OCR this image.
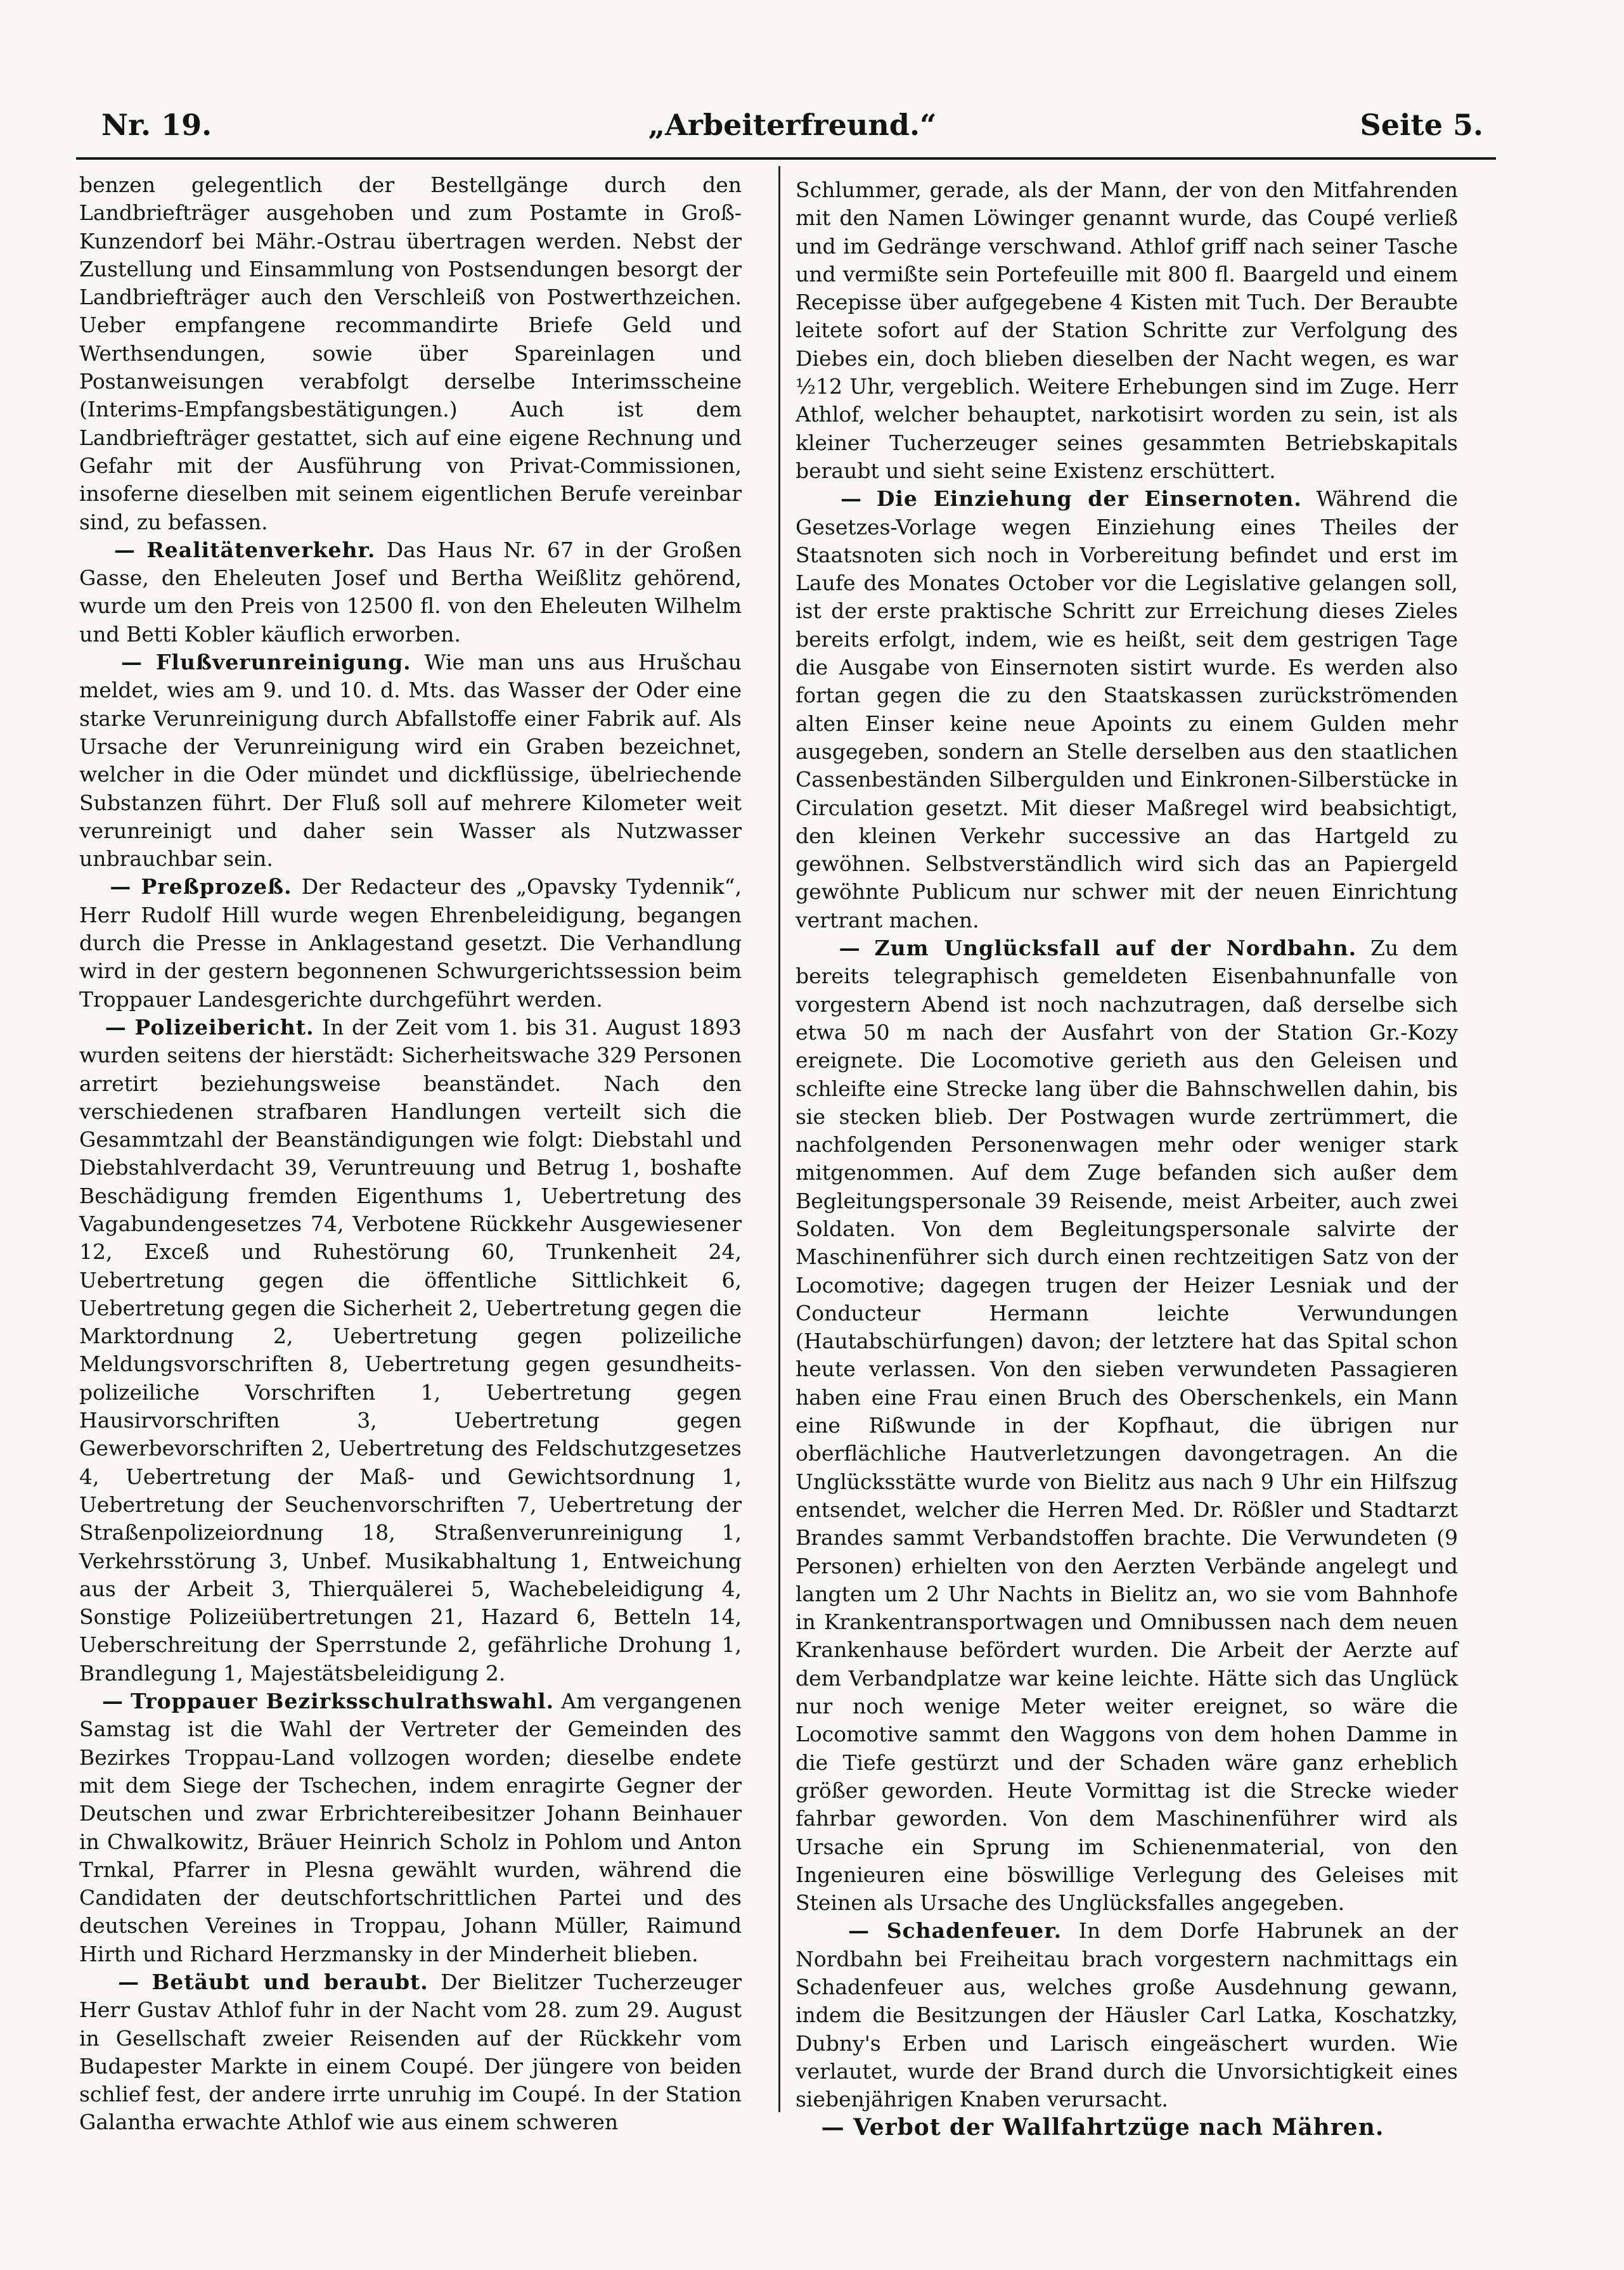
Nr. 19.	„Arbeiterfreund.“	Seite 5.

benzen gelegentlich der Bestellgänge durch den Landbriefträger ausgehoben und zum Postamte in Groß-Kunzendorf bei Mähr.-Ostrau übertragen werden. Nebst der Zustellung und Einsammlung von Postsendungen besorgt der Landbriefträger auch den Verschleiß von Postwerthzeichen. Ueber empfangene recommandirte Briefe Geld und Werthsendungen, sowie über Spareinlagen und Postanweisungen verabfolgt derselbe Interimsscheine (Interims-Empfangsbestätigungen.) Auch ist dem Landbriefträger gestattet, sich auf eine eigene Rechnung und Gefahr mit der Ausführung von Privat-Commissionen, insoferne dieselben mit seinem eigentlichen Berufe vereinbar sind, zu befassen.

— Realitätenverkehr. Das Haus Nr. 67 in der Großen Gasse, den Eheleuten Josef und Bertha Weißlitz gehörend, wurde um den Preis von 12500 fl. von den Eheleuten Wilhelm und Betti Kobler käuflich erworben.

— Flußverunreinigung. Wie man uns aus Hrušchau meldet, wies am 9. und 10. d. Mts. das Wasser der Oder eine starke Verunreinigung durch Abfallstoffe einer Fabrik auf. Als Ursache der Verunreinigung wird ein Graben bezeichnet, welcher in die Oder mündet und dickflüssige, übelriechende Substanzen führt. Der Fluß soll auf mehrere Kilometer weit verunreinigt und daher sein Wasser als Nutzwasser unbrauchbar sein.

— Preßprozeß. Der Redacteur des „Opavsky Tydennik“, Herr Rudolf Hill wurde wegen Ehrenbeleidigung, begangen durch die Presse in Anklagestand gesetzt. Die Verhandlung wird in der gestern begonnenen Schwurgerichtssession beim Troppauer Landesgerichte durchgeführt werden.

— Polizeibericht. In der Zeit vom 1. bis 31. August 1893 wurden seitens der hierstädt: Sicherheitswache 329 Personen arretirt beziehungsweise beanständet. Nach den verschiedenen strafbaren Handlungen verteilt sich die Gesammtzahl der Beanständigungen wie folgt: Diebstahl und Diebstahlverdacht 39, Veruntreuung und Betrug 1, boshafte Beschädigung fremden Eigenthums 1, Uebertretung des Vagabundengesetzes 74, Verbotene Rückkehr Ausgewiesener 12, Exceß und Ruhestörung 60, Trunkenheit 24, Uebertretung gegen die öffentliche Sittlichkeit 6, Uebertretung gegen die Sicherheit 2, Uebertretung gegen die Marktordnung 2, Uebertretung gegen polizeiliche Meldungsvorschriften 8, Uebertretung gegen gesundheits-polizeiliche Vorschriften 1, Uebertretung gegen Hausirvorschriften 3, Uebertretung gegen Gewerbevorschriften 2, Uebertretung des Feldschutzgesetzes 4, Uebertretung der Maß- und Gewichtsordnung 1, Uebertretung der Seuchenvorschriften 7, Uebertretung der Straßenpolizeiordnung 18, Straßenverunreinigung 1, Verkehrsstörung 3, Unbef. Musikabhaltung 1, Entweichung aus der Arbeit 3, Thierquälerei 5, Wachebeleidigung 4, Sonstige Polizeiübertretungen 21, Hazard 6, Betteln 14, Ueberschreitung der Sperrstunde 2, gefährliche Drohung 1, Brandlegung 1, Majestätsbeleidigung 2.

— Troppauer Bezirksschulrathswahl. Am vergangenen Samstag ist die Wahl der Vertreter der Gemeinden des Bezirkes Troppau-Land vollzogen worden; dieselbe endete mit dem Siege der Tschechen, indem enragirte Gegner der Deutschen und zwar Erbrichtereibesitzer Johann Beinhauer in Chwalkowitz, Bräuer Heinrich Scholz in Pohlom und Anton Trnkal, Pfarrer in Plesna gewählt wurden, während die Candidaten der deutschfortschrittlichen Partei und des deutschen Vereines in Troppau, Johann Müller, Raimund Hirth und Richard Herzmansky in der Minderheit blieben.

— Betäubt und beraubt. Der Bielitzer Tucherzeuger Herr Gustav Athlof fuhr in der Nacht vom 28. zum 29. August in Gesellschaft zweier Reisenden auf der Rückkehr vom Budapester Markte in einem Coupé. Der jüngere von beiden schlief fest, der andere irrte unruhig im Coupé. In der Station Galantha erwachte Athlof wie aus einem schweren

Schlummer, gerade, als der Mann, der von den Mitfahrenden mit den Namen Löwinger genannt wurde, das Coupé verließ und im Gedränge verschwand. Athlof griff nach seiner Tasche und vermißte sein Portefeuille mit 800 fl. Baargeld und einem Recepisse über aufgegebene 4 Kisten mit Tuch. Der Beraubte leitete sofort auf der Station Schritte zur Verfolgung des Diebes ein, doch blieben dieselben der Nacht wegen, es war ½12 Uhr, vergeblich. Weitere Erhebungen sind im Zuge. Herr Athlof, welcher behauptet, narkotisirt worden zu sein, ist als kleiner Tucherzeuger seines gesammten Betriebskapitals beraubt und sieht seine Existenz erschüttert.

— Die Einziehung der Einsernoten. Während die Gesetzes-Vorlage wegen Einziehung eines Theiles der Staatsnoten sich noch in Vorbereitung befindet und erst im Laufe des Monates October vor die Legislative gelangen soll, ist der erste praktische Schritt zur Erreichung dieses Zieles bereits erfolgt, indem, wie es heißt, seit dem gestrigen Tage die Ausgabe von Einsernoten sistirt wurde. Es werden also fortan gegen die zu den Staatskassen zurückströmenden alten Einser keine neue Apoints zu einem Gulden mehr ausgegeben, sondern an Stelle derselben aus den staatlichen Cassenbeständen Silbergulden und Einkronen-Silberstücke in Circulation gesetzt. Mit dieser Maßregel wird beabsichtigt, den kleinen Verkehr successive an das Hartgeld zu gewöhnen. Selbstverständlich wird sich das an Papiergeld gewöhnte Publicum nur schwer mit der neuen Einrichtung vertrant machen.

— Zum Unglücksfall auf der Nordbahn. Zu dem bereits telegraphisch gemeldeten Eisenbahnunfalle von vorgestern Abend ist noch nachzutragen, daß derselbe sich etwa 50 m nach der Ausfahrt von der Station Gr.-Kozy ereignete. Die Locomotive gerieth aus den Geleisen und schleifte eine Strecke lang über die Bahnschwellen dahin, bis sie stecken blieb. Der Postwagen wurde zertrümmert, die nachfolgenden Personenwagen mehr oder weniger stark mitgenommen. Auf dem Zuge befanden sich außer dem Begleitungspersonale 39 Reisende, meist Arbeiter, auch zwei Soldaten. Von dem Begleitungspersonale salvirte der Maschinenführer sich durch einen rechtzeitigen Satz von der Locomotive; dagegen trugen der Heizer Lesniak und der Conducteur Hermann leichte Verwundungen (Hautabschürfungen) davon; der letztere hat das Spital schon heute verlassen. Von den sieben verwundeten Passagieren haben eine Frau einen Bruch des Oberschenkels, ein Mann eine Rißwunde in der Kopfhaut, die übrigen nur oberflächliche Hautverletzungen davongetragen. An die Unglücksstätte wurde von Bielitz aus nach 9 Uhr ein Hilfszug entsendet, welcher die Herren Med. Dr. Rößler und Stadtarzt Brandes sammt Verbandstoffen brachte. Die Verwundeten (9 Personen) erhielten von den Aerzten Verbände angelegt und langten um 2 Uhr Nachts in Bielitz an, wo sie vom Bahnhofe in Krankentransportwagen und Omnibussen nach dem neuen Krankenhause befördert wurden. Die Arbeit der Aerzte auf dem Verbandplatze war keine leichte. Hätte sich das Unglück nur noch wenige Meter weiter ereignet, so wäre die Locomotive sammt den Waggons von dem hohen Damme in die Tiefe gestürzt und der Schaden wäre ganz erheblich größer geworden. Heute Vormittag ist die Strecke wieder fahrbar geworden. Von dem Maschinenführer wird als Ursache ein Sprung im Schienenmaterial, von den Ingenieuren eine böswillige Verlegung des Geleises mit Steinen als Ursache des Unglücksfalles angegeben.

— Schadenfeuer. In dem Dorfe Habrunek an der Nordbahn bei Freiheitau brach vorgestern nachmittags ein Schadenfeuer aus, welches große Ausdehnung gewann, indem die Besitzungen der Häusler Carl Latka, Koschatzky, Dubny's Erben und Larisch eingeäschert wurden. Wie verlautet, wurde der Brand durch die Unvorsichtigkeit eines siebenjährigen Knaben verursacht.

— Verbot der Wallfahrtzüge nach Mähren.
